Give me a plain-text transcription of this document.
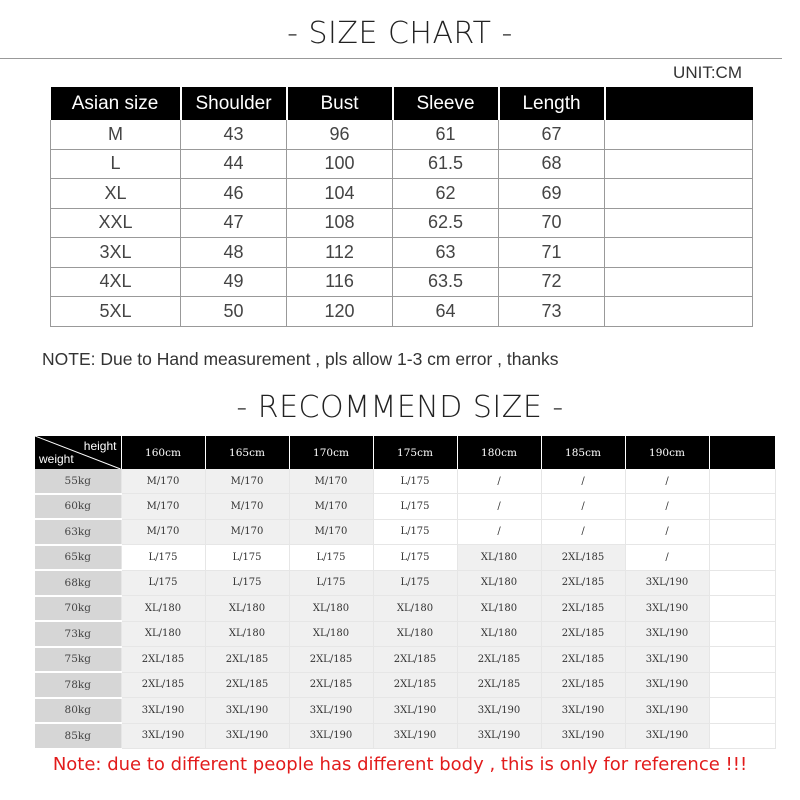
- SIZE CHART -
UNIT:CM
Asian size	Shoulder	Bust	Sleeve	Length	
M	43	96	61	67	
L	44	100	61.5	68	
XL	46	104	62	69	
XXL	47	108	62.5	70	
3XL	48	112	63	71	
4XL	49	116	63.5	72	
5XL	50	120	64	73	
NOTE: Due to Hand measurement , pls allow 1-3 cm error , thanks
- RECOMMEND SIZE -
height
weight	160cm	165cm	170cm	175cm	180cm	185cm	190cm	
55kg	M/170	M/170	M/170	L/175	/	/	/	
60kg	M/170	M/170	M/170	L/175	/	/	/	
63kg	M/170	M/170	M/170	L/175	/	/	/	
65kg	L/175	L/175	L/175	L/175	XL/180	2XL/185	/	
68kg	L/175	L/175	L/175	L/175	XL/180	2XL/185	3XL/190	
70kg	XL/180	XL/180	XL/180	XL/180	XL/180	2XL/185	3XL/190	
73kg	XL/180	XL/180	XL/180	XL/180	XL/180	2XL/185	3XL/190	
75kg	2XL/185	2XL/185	2XL/185	2XL/185	2XL/185	2XL/185	3XL/190	
78kg	2XL/185	2XL/185	2XL/185	2XL/185	2XL/185	2XL/185	3XL/190	
80kg	3XL/190	3XL/190	3XL/190	3XL/190	3XL/190	3XL/190	3XL/190	
85kg	3XL/190	3XL/190	3XL/190	3XL/190	3XL/190	3XL/190	3XL/190	
Note: due to different people has different body , this is only for reference !!!
